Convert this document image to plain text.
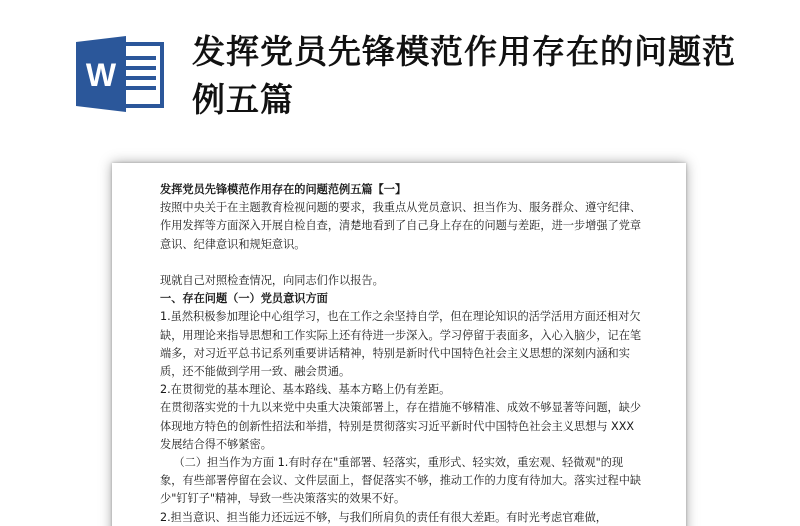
W
发挥党员先锋模范作用存在的问题范例五篇

发挥党员先锋模范作用存在的问题范例五篇【一】

按照中央关于在主题教育检视问题的要求，我重点从党员意识、担当作为、服务群众、遵守纪律、作用发挥等方面深入开展自检自查，清楚地看到了自己身上存在的问题与差距，进一步增强了党章意识、纪律意识和规矩意识。

现就自己对照检查情况，向同志们作以报告。

一、存在问题（一）党员意识方面

1.虽然积极参加理论中心组学习，也在工作之余坚持自学，但在理论知识的活学活用方面还相对欠缺，用理论来指导思想和工作实际上还有待进一步深入。学习停留于表面多，入心入脑少，记在笔端多，对习近平总书记系列重要讲话精神，特别是新时代中国特色社会主义思想的深刻内涵和实质，还不能做到学用一致、融会贯通。

2.在贯彻党的基本理论、基本路线、基本方略上仍有差距。

在贯彻落实党的十九以来党中央重大决策部署上，存在措施不够精准、成效不够显著等问题，缺少体现地方特色的创新性招法和举措，特别是贯彻落实习近平新时代中国特色社会主义思想与 XXX 发展结合得不够紧密。

（二）担当作为方面 1.有时存在"重部署、轻落实，重形式、轻实效，重宏观、轻微观"的现象，有些部署停留在会议、文件层面上，督促落实不够，推动工作的力度有待加大。落实过程中缺少"钉钉子"精神，导致一些决策落实的效果不好。

2.担当意识、担当能力还远远不够，与我们所肩负的责任有很大差距。有时光考虑官难做，
